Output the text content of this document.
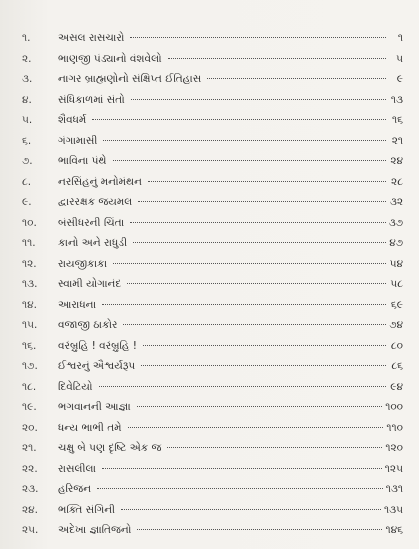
૧.	અસલ રાસચારો	૧
૨.	ભાણજી પંડ્યાનો વંશવેલો	૫
૩.	નાગર બ્રાહ્મણોનો સંક્ષિપ્ત ઈતિહાસ	૯
૪.	સંધિકાળમાં સંતો	૧૩
૫.	શૈવધર્મ	૧૬
૬.	ગંગામાસી	૨૧
૭.	ભાવિના પંથે	૨૪
૮.	નરસિંહનું મનોમંથન	૨૮
૯.	દ્વારરક્ષક જયમલ	૩૨
૧૦.	બંસીધરની ચિંતા	૩૭
૧૧.	કાનો અને રાધુડી	૪૭
૧૨.	રાયજીકાકા	૫૪
૧૩.	સ્વામી યોગાનંદ	૫૮
૧૪.	આરાધના	૬૯
૧૫.	વજાજી ઠાકોર	૭૪
૧૬.	વરંબ્રુહિ ! વરંબ્રુહિ !	૮૦
૧૭.	ઈશ્વરનું ઐશ્વર્યરૂપ	૮૬
૧૮.	દિવેટિયો	૯૪
૧૯.	ભગવાનની આજ્ઞા	૧૦૦
૨૦.	ધન્ય ભાભી તમે	૧૧૦
૨૧.	ચક્ષુ બે પણ દૃષ્ટિ એક જ	૧૨૦
૨૨.	રાસલીલા	૧૨૫
૨૩.	હરિજન	૧૩૧
૨૪.	ભક્તિ સંગિની	૧૩૫
૨૫.	અદેખા જ્ઞાતિજનો	૧૪૬
